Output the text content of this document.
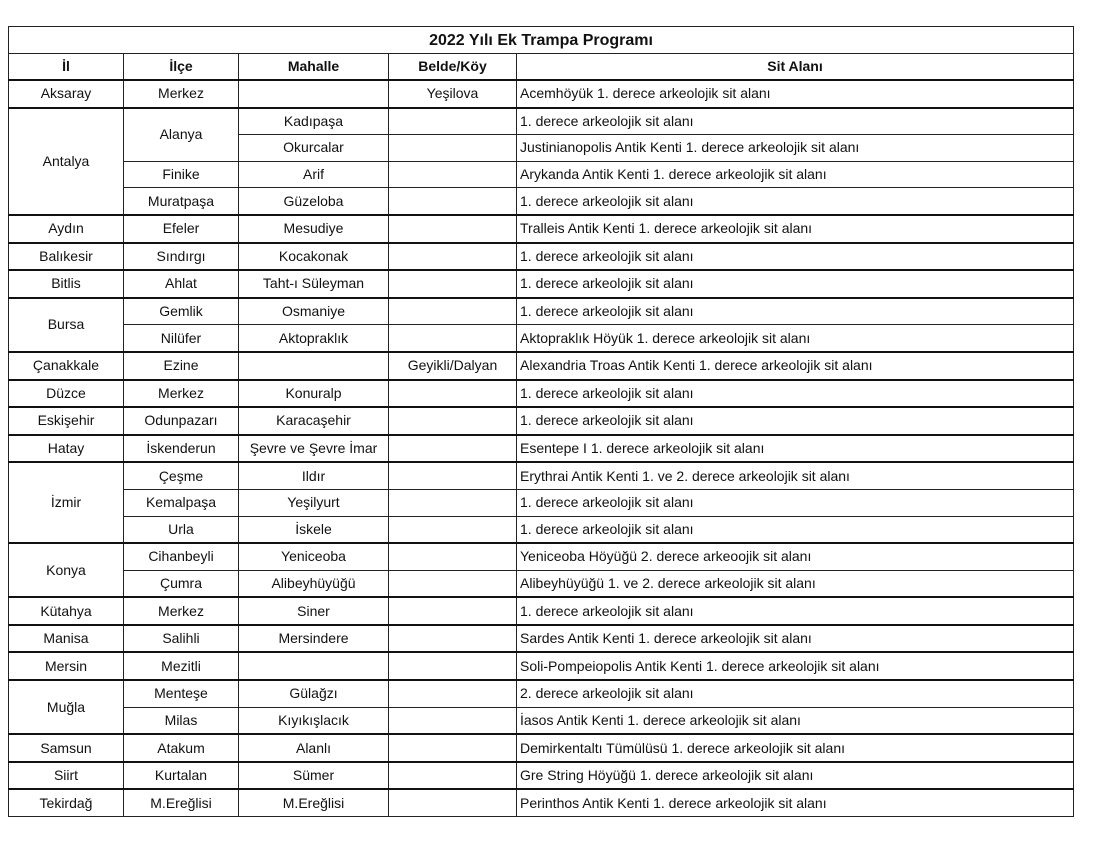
2022 Yılı Ek Trampa Programı				
İl	İlçe	Mahalle	Belde/Köy	Sit Alanı
Aksaray	Merkez		Yeşilova	Acemhöyük 1. derece arkeolojik sit alanı
Antalya	Alanya	Kadıpaşa		1. derece arkeolojik sit alanı
		Okurcalar		Justinianopolis Antik Kenti 1. derece arkeolojik sit alanı
	Finike	Arif		Arykanda Antik Kenti 1. derece arkeolojik sit alanı
	Muratpaşa	Güzeloba		1. derece arkeolojik sit alanı
Aydın	Efeler	Mesudiye		Tralleis Antik Kenti 1. derece arkeolojik sit alanı
Balıkesir	Sındırgı	Kocakonak		1. derece arkeolojik sit alanı
Bitlis	Ahlat	Taht-ı Süleyman		1. derece arkeolojik sit alanı
Bursa	Gemlik	Osmaniye		1. derece arkeolojik sit alanı
	Nilüfer	Aktopraklık		Aktopraklık Höyük 1. derece arkeolojik sit alanı
Çanakkale	Ezine		Geyikli/Dalyan	Alexandria Troas Antik Kenti 1. derece arkeolojik sit alanı
Düzce	Merkez	Konuralp		1. derece arkeolojik sit alanı
Eskişehir	Odunpazarı	Karacaşehir		1. derece arkeolojik sit alanı
Hatay	İskenderun	Şevre ve Şevre İmar		Esentepe I 1. derece arkeolojik sit alanı
İzmir	Çeşme	Ildır		Erythrai Antik Kenti 1. ve 2. derece arkeolojik sit alanı
	Kemalpaşa	Yeşilyurt		1. derece arkeolojik sit alanı
	Urla	İskele		1. derece arkeolojik sit alanı
Konya	Cihanbeyli	Yeniceoba		Yeniceoba Höyüğü 2. derece arkeoojik sit alanı
	Çumra	Alibeyhüyüğü		Alibeyhüyüğü 1. ve 2. derece arkeolojik sit alanı
Kütahya	Merkez	Siner		1. derece arkeolojik sit alanı
Manisa	Salihli	Mersindere		Sardes Antik Kenti 1. derece arkeolojik sit alanı
Mersin	Mezitli			Soli-Pompeiopolis Antik Kenti 1. derece arkeolojik sit alanı
Muğla	Menteşe	Gülağzı		2. derece arkeolojik sit alanı
	Milas	Kıyıkışlacık		İasos Antik Kenti 1. derece arkeolojik sit alanı
Samsun	Atakum	Alanlı		Demirkentaltı Tümülüsü 1. derece arkeolojik sit alanı
Siirt	Kurtalan	Sümer		Gre String Höyüğü 1. derece arkeolojik sit alanı
Tekirdağ	M.Ereğlisi	M.Ereğlisi		Perinthos Antik Kenti 1. derece arkeolojik sit alanı
